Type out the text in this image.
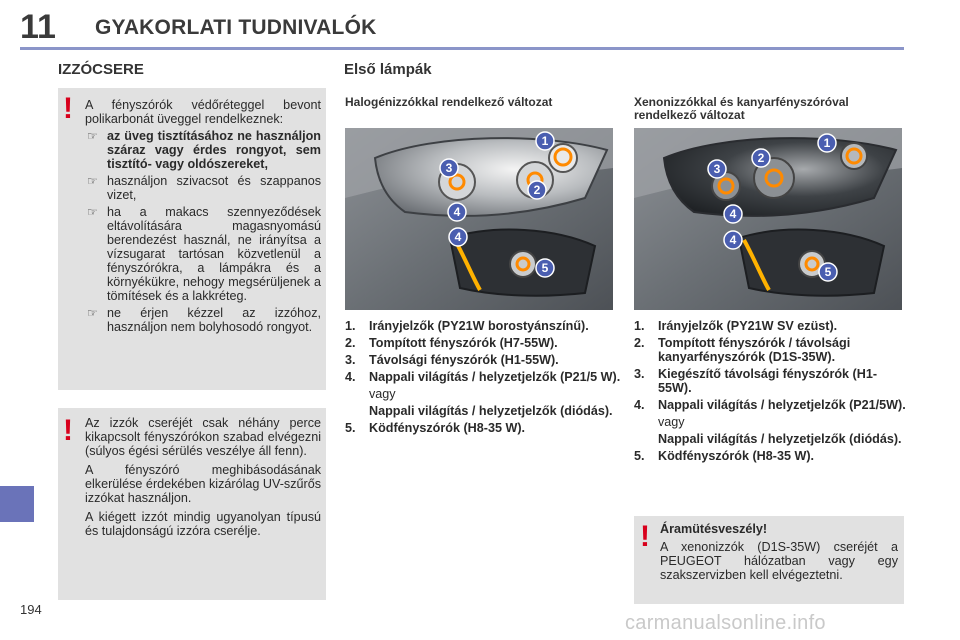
11 GYAKORLATI TUDNIVALÓK
IZZÓCSERE
! A fényszórók védőréteggel bevont polikarbonát üveggel rendelkeznek:
☞ az üveg tisztításához ne használjon száraz vagy érdes rongyot, sem tisztító- vagy oldószereket,
☞ használjon szivacsot és szappanos vizet,
☞ ha a makacs szennyeződések eltávolítására magasnyomású berendezést használ, ne irányítsa a vízsugarat tartósan közvetlenül a fényszórókra, a lámpákra és a környékükre, nehogy megsérüljenek a tömítések és a lakkréteg.
☞ ne érjen kézzel az izzóhoz, használjon nem bolyhosodó rongyot.
! Az izzók cseréjét csak néhány perce kikapcsolt fényszórókon szabad elvégezni (súlyos égési sérülés veszélye áll fenn).
A fényszóró meghibásodásának elkerülése érdekében kizárólag UV-szűrős izzókat használjon.
A kiégett izzót mindig ugyanolyan típusú és tulajdonságú izzóra cserélje.
Első lámpák
Halogénizzókkal rendelkező változat	Xenonizzókkal és kanyarfényszóróval rendelkező változat
1
2
3
4
4
5
1
2
3
4
4
5
1. Irányjelzők (PY21W borostyánszínű).
2. Tompított fényszórók (H7-55W).
3. Távolsági fényszórók (H1-55W).
4. Nappali világítás / helyzetjelzők (P21/5 W).
vagy
Nappali világítás / helyzetjelzők (diódás).
5. Ködfényszórók (H8-35 W).
1. Irányjelzők (PY21W SV ezüst).
2. Tompított fényszórók / távolsági kanyarfényszórók (D1S-35W).
3. Kiegészítő távolsági fényszórók (H1-55W).
4. Nappali világítás / helyzetjelzők (P21/5W).
vagy
Nappali világítás / helyzetjelzők (diódás).
5. Ködfényszórók (H8-35 W).
! Áramütésveszély!
A xenonizzók (D1S-35W) cseréjét a PEUGEOT hálózatban vagy egy szakszervizben kell elvégeztetni.
194
carmanualsonline.info
